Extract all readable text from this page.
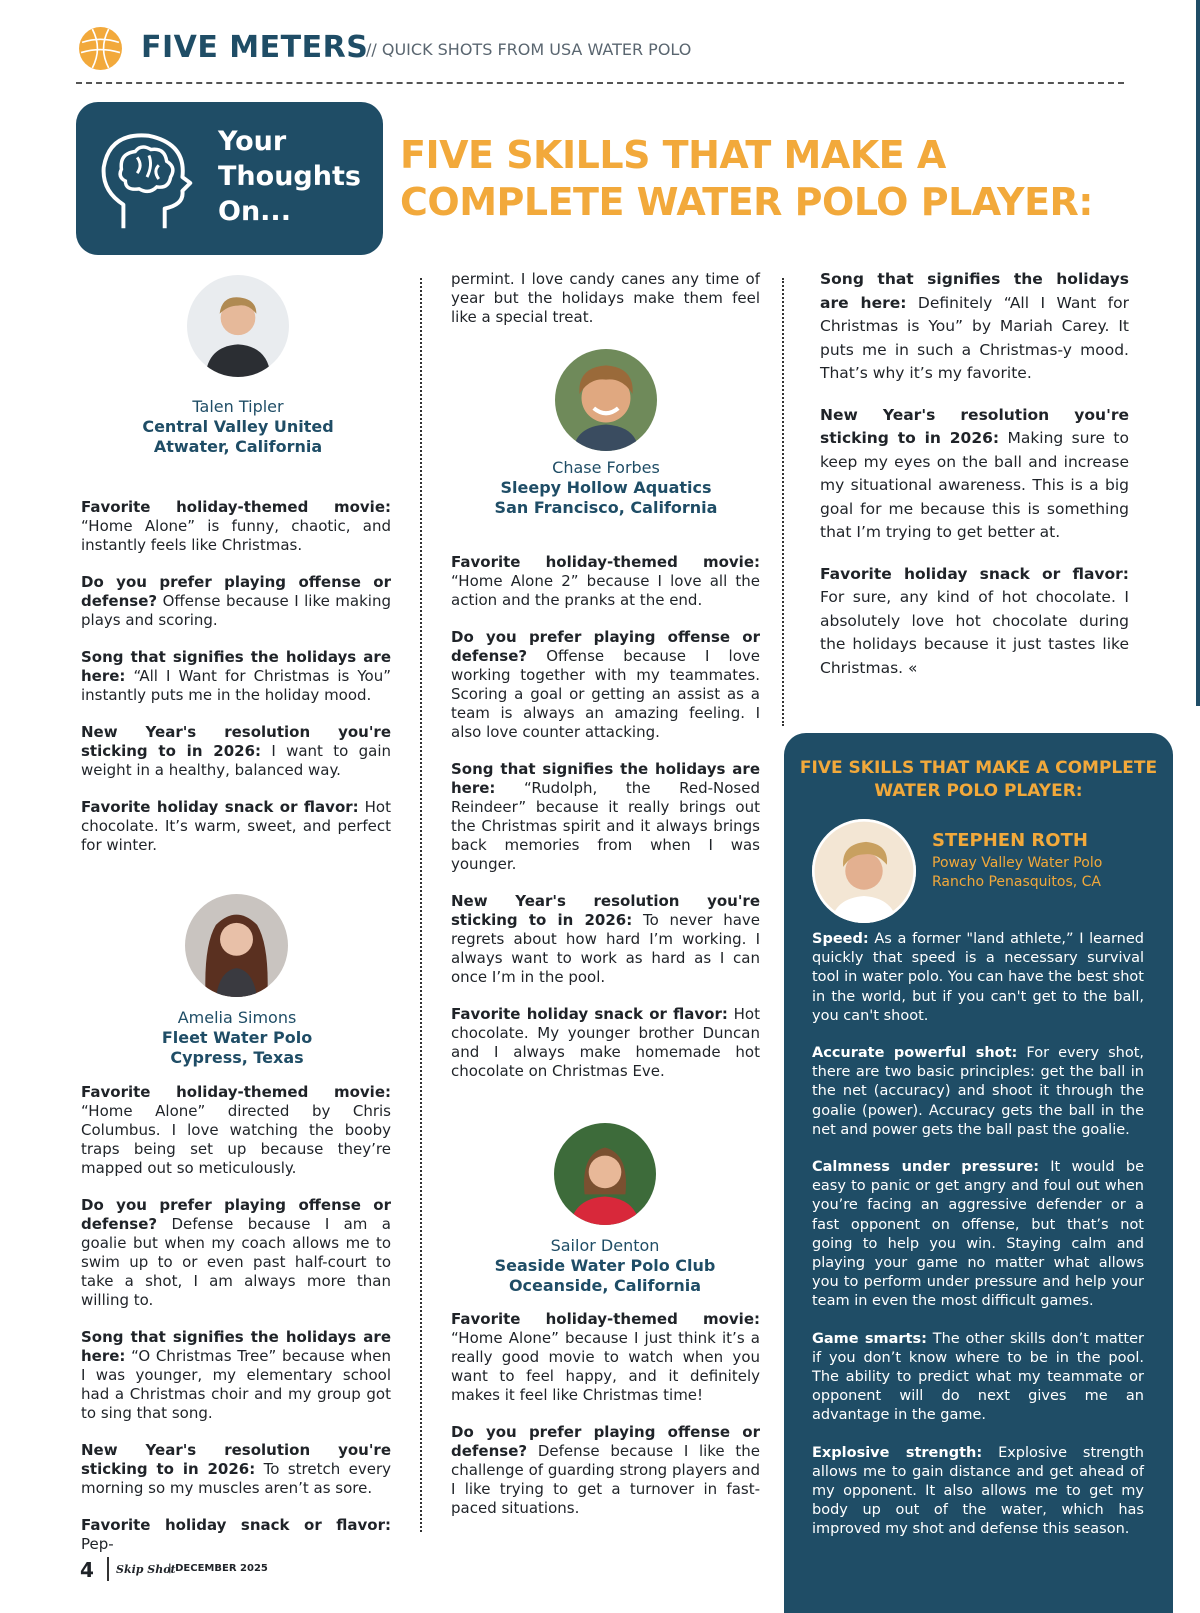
FIVE METERS
// QUICK SHOTS FROM USA WATER POLO
Your
Thoughts
On...
FIVE SKILLS THAT MAKE A COMPLETE WATER POLO PLAYER:
Talen Tipler
Central Valley United
Atwater, California

Favorite holiday-themed movie: “Home Alone” is funny, chaotic, and instantly feels like Christmas.

Do you prefer playing offense or defense? Offense because I like making plays and scoring.

Song that signifies the holidays are here: “All I Want for Christmas is You” instantly puts me in the holiday mood.

New Year's resolution you're sticking to in 2026: I want to gain weight in a healthy, balanced way.

Favorite holiday snack or flavor: Hot chocolate. It’s warm, sweet, and perfect for winter.

Amelia Simons
Fleet Water Polo
Cypress, Texas

Favorite holiday-themed movie: “Home Alone” directed by Chris Columbus. I love watching the booby traps being set up because they’re mapped out so meticulously.

Do you prefer playing offense or defense? Defense because I am a goalie but when my coach allows me to swim up to or even past half-court to take a shot, I am always more than willing to.

Song that signifies the holidays are here: “O Christmas Tree” because when I was younger, my elementary school had a Christmas choir and my group got to sing that song.

New Year's resolution you're sticking to in 2026: To stretch every morning so my muscles aren’t as sore.

Favorite holiday snack or flavor: Pep-

permint. I love candy canes any time of year but the holidays make them feel like a special treat.

Chase Forbes
Sleepy Hollow Aquatics
San Francisco, California

Favorite holiday-themed movie: “Home Alone 2” because I love all the action and the pranks at the end.

Do you prefer playing offense or defense? Offense because I love working together with my teammates. Scoring a goal or getting an assist as a team is always an amazing feeling. I also love counter attacking.

Song that signifies the holidays are here: “Rudolph, the Red-Nosed Reindeer” because it really brings out the Christmas spirit and it always brings back memories from when I was younger.

New Year's resolution you're sticking to in 2026: To never have regrets about how hard I’m working. I always want to work as hard as I can once I’m in the pool.

Favorite holiday snack or flavor: Hot chocolate. My younger brother Duncan and I always make homemade hot chocolate on Christmas Eve.

Sailor Denton
Seaside Water Polo Club
Oceanside, California

Favorite holiday-themed movie: “Home Alone” because I just think it’s a really good movie to watch when you want to feel happy, and it definitely makes it feel like Christmas time!

Do you prefer playing offense or defense? Defense because I like the challenge of guarding strong players and I like trying to get a turnover in fast-paced situations.

Song that signifies the holidays are here: Definitely “All I Want for Christmas is You” by Mariah Carey. It puts me in such a Christmas-y mood. That’s why it’s my favorite.

New Year's resolution you're sticking to in 2026: Making sure to keep my eyes on the ball and increase my situational awareness. This is a big goal for me because this is something that I’m trying to get better at.

Favorite holiday snack or flavor: For sure, any kind of hot chocolate. I absolutely love hot chocolate during the holidays because it just tastes like Christmas. «

FIVE SKILLS THAT MAKE A COMPLETE WATER POLO PLAYER:
STEPHEN ROTH
Poway Valley Water Polo
Rancho Penasquitos, CA

Speed: As a former "land athlete,” I learned quickly that speed is a necessary survival tool in water polo. You can have the best shot in the world, but if you can't get to the ball, you can't shoot.

Accurate powerful shot: For every shot, there are two basic principles: get the ball in the net (accuracy) and shoot it through the goalie (power). Accuracy gets the ball in the net and power gets the ball past the goalie.

Calmness under pressure: It would be easy to panic or get angry and foul out when you’re facing an aggressive defender or a fast opponent on offense, but that’s not going to help you win. Staying calm and playing your game no matter what allows you to perform under pressure and help your team in even the most difficult games.

Game smarts: The other skills don’t matter if you don’t know where to be in the pool. The ability to predict what my teammate or opponent will do next gives me an advantage in the game.

Explosive strength: Explosive strength allows me to gain distance and get ahead of my opponent. It also allows me to get my body up out of the water, which has improved my shot and defense this season.

4 Skip Shot
| DECEMBER 2025
